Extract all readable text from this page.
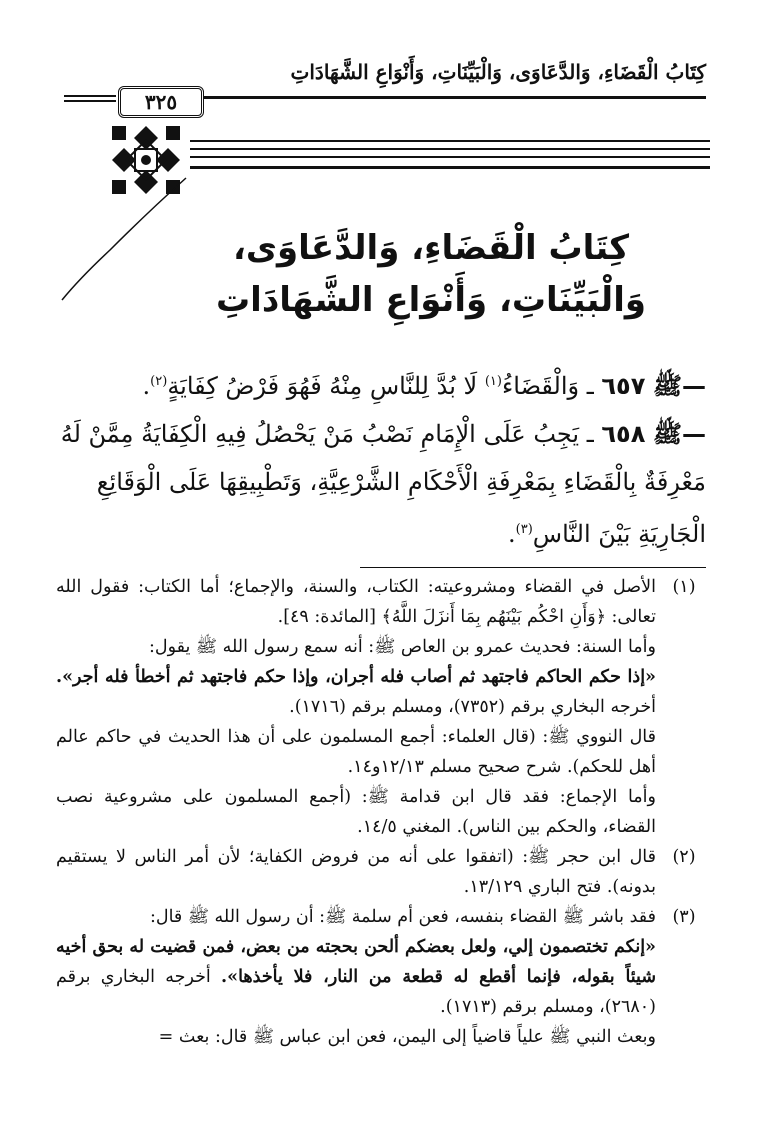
كِتَابُ الْقَضَاءِ، وَالدَّعَاوَى، وَالْبَيِّنَاتِ، وَأَنْوَاعِ الشَّهَادَاتِ
٣٢٥
كِتَابُ الْقَضَاءِ، وَالدَّعَاوَى،
وَالْبَيِّنَاتِ، وَأَنْوَاعِ الشَّهَادَاتِ
—ﷺ ٦٥٧ ـ وَالْقَضَاءُ$^{(١)}$ لَا بُدَّ لِلنَّاسِ مِنْهُ فَهُوَ فَرْضُ كِفَايَةٍ$^{(٢)}$.
—ﷺ ٦٥٨ ـ يَجِبُ عَلَى الْإِمَامِ نَصْبُ مَنْ يَحْصُلُ فِيهِ الْكِفَايَةُ مِمَّنْ لَهُ مَعْرِفَةٌ بِالْقَضَاءِ بِمَعْرِفَةِ الْأَحْكَامِ الشَّرْعِيَّةِ، وَتَطْبِيقِهَا عَلَى الْوَقَائِعِ الْجَارِيَةِ بَيْنَ النَّاسِ$^{(٣)}$.
(١)

الأصل في القضاء ومشروعيته: الكتاب، والسنة، والإجماع؛ أما الكتاب: فقول الله تعالى: ﴿وَأَنِ احْكُم بَيْنَهُم بِمَا أَنزَلَ اللَّهُ﴾ [المائدة: ٤٩].

وأما السنة: فحديث عمرو بن العاص ﷺ: أنه سمع رسول الله ﷺ يقول:

«إذا حكم الحاكم فاجتهد ثم أصاب فله أجران، وإذا حكم فاجتهد ثم أخطأ فله أجر». أخرجه البخاري برقم (٧٣٥٢)، ومسلم برقم (١٧١٦).

قال النووي ﷺ: (قال العلماء: أجمع المسلمون على أن هذا الحديث في حاكم عالم أهل للحكم). شرح صحيح مسلم ١٢/١٣و١٤.

وأما الإجماع: فقد قال ابن قدامة ﷺ: (أجمع المسلمون على مشروعية نصب القضاء، والحكم بين الناس). المغني ١٤/٥.

(٢)

قال ابن حجر ﷺ: (اتفقوا على أنه من فروض الكفاية؛ لأن أمر الناس لا يستقيم بدونه). فتح الباري ١٣/١٢٩.

(٣)

فقد باشر ﷺ القضاء بنفسه، فعن أم سلمة ﷺ: أن رسول الله ﷺ قال:

«إنكم تختصمون إلي، ولعل بعضكم ألحن بحجته من بعض، فمن قضيت له بحق أخيه شيئاً بقوله، فإنما أقطع له قطعة من النار، فلا يأخذها». أخرجه البخاري برقم (٢٦٨٠)، ومسلم برقم (١٧١٣).

وبعث النبي ﷺ علياً قاضياً إلى اليمن، فعن ابن عباس ﷺ قال: بعث =
